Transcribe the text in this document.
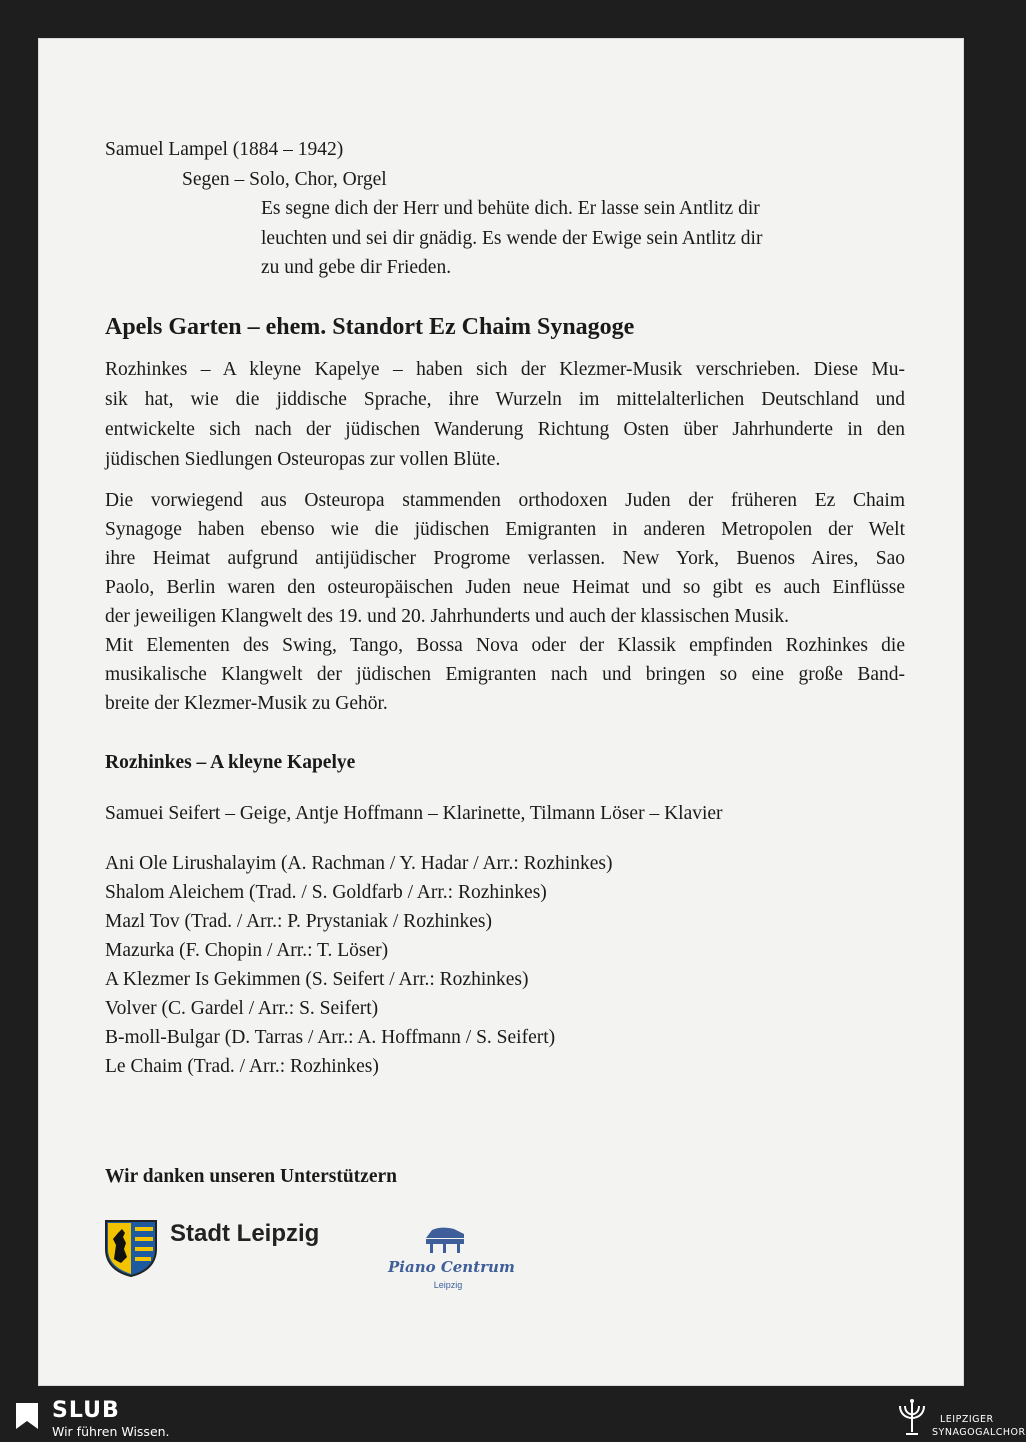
Samuel Lampel (1884 – 1942)
Segen – Solo, Chor, Orgel
Es segne dich der Herr und behüte dich. Er lasse sein Antlitz dir
leuchten und sei dir gnädig. Es wende der Ewige sein Antlitz dir
zu und gebe dir Frieden.
Apels Garten – ehem. Standort Ez Chaim Synagoge
Rozhinkes – A kleyne Kapelye – haben sich der Klezmer-Musik verschrieben. Diese Mu-
sik hat, wie die jiddische Sprache, ihre Wurzeln im mittelalterlichen Deutschland und
entwickelte sich nach der jüdischen Wanderung Richtung Osten über Jahrhunderte in den
jüdischen Siedlungen Osteuropas zur vollen Blüte.
Die vorwiegend aus Osteuropa stammenden orthodoxen Juden der früheren Ez Chaim
Synagoge haben ebenso wie die jüdischen Emigranten in anderen Metropolen der Welt
ihre Heimat aufgrund antijüdischer Progrome verlassen. New York, Buenos Aires, Sao
Paolo, Berlin waren den osteuropäischen Juden neue Heimat und so gibt es auch Einflüsse
der jeweiligen Klangwelt des 19. und 20. Jahrhunderts und auch der klassischen Musik.
Mit Elementen des Swing, Tango, Bossa Nova oder der Klassik empfinden Rozhinkes die
musikalische Klangwelt der jüdischen Emigranten nach und bringen so eine große Band-
breite der Klezmer-Musik zu Gehör.
Rozhinkes – A kleyne Kapelye
Samuei Seifert – Geige, Antje Hoffmann – Klarinette, Tilmann Löser – Klavier
Ani Ole Lirushalayim (A. Rachman / Y. Hadar / Arr.: Rozhinkes)
Shalom Aleichem (Trad. / S. Goldfarb / Arr.: Rozhinkes)
Mazl Tov (Trad. / Arr.: P. Prystaniak / Rozhinkes)
Mazurka (F. Chopin / Arr.: T. Löser)
A Klezmer Is Gekimmen (S. Seifert / Arr.: Rozhinkes)
Volver (C. Gardel / Arr.: S. Seifert)
B-moll-Bulgar (D. Tarras / Arr.: A. Hoffmann / S. Seifert)
Le Chaim (Trad. / Arr.: Rozhinkes)
Wir danken unseren Unterstützern
Stadt Leipzig
Piano Centrum
Leipzig
SLUB
Wir führen Wissen.
LEIPZIGER
SYNAGOGALCHOR
